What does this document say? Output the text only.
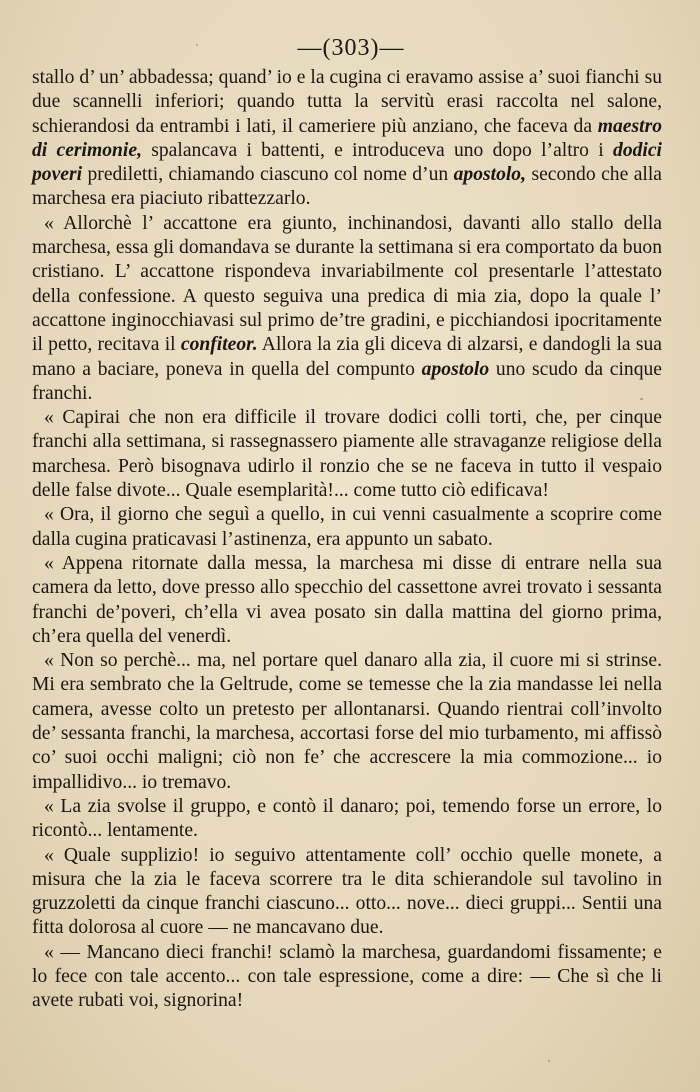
—(303)—

stallo d’ un’ abbadessa; quand’ io e la cugina ci eravamo assise a’ suoi fianchi su due scannelli inferiori; quando tutta la servitù erasi raccolta nel salone, schierandosi da entrambi i lati, il cameriere più anziano, che faceva da maestro di cerimonie, spalancava i battenti, e introduceva uno dopo l’altro i dodici poveri prediletti, chiamando ciascuno col nome d’un apostolo, secondo che alla marchesa era piaciuto ribattezzarlo.

« Allorchè l’ accattone era giunto, inchinandosi, davanti allo stallo della marchesa, essa gli domandava se durante la settimana si era comportato da buon cristiano. L’ accattone rispondeva invariabilmente col presentarle l’attestato della confessione. A questo seguiva una predica di mia zia, dopo la quale l’ accattone inginocchiavasi sul primo de’tre gradini, e picchiandosi ipocritamente il petto, recitava il confiteor. Allora la zia gli diceva di alzarsi, e dandogli la sua mano a baciare, poneva in quella del compunto apostolo uno scudo da cinque franchi.

« Capirai che non era difficile il trovare dodici colli torti, che, per cinque franchi alla settimana, si rassegnassero piamente alle stravaganze religiose della marchesa. Però bisognava udirlo il ronzio che se ne faceva in tutto il vespaio delle false divote... Quale esemplarità!... come tutto ciò edificava!

« Ora, il giorno che seguì a quello, in cui venni casualmente a scoprire come dalla cugina praticavasi l’astinenza, era appunto un sabato.

« Appena ritornate dalla messa, la marchesa mi disse di entrare nella sua camera da letto, dove presso allo specchio del cassettone avrei trovato i sessanta franchi de’poveri, ch’ella vi avea posato sin dalla mattina del giorno prima, ch’era quella del venerdì.

« Non so perchè... ma, nel portare quel danaro alla zia, il cuore mi si strinse. Mi era sembrato che la Geltrude, come se temesse che la zia mandasse lei nella camera, avesse colto un pretesto per allontanarsi. Quando rientrai coll’involto de’ sessanta franchi, la marchesa, accortasi forse del mio turbamento, mi affissò co’ suoi occhi maligni; ciò non fe’ che accrescere la mia commozione... io impallidivo... io tremavo.

« La zia svolse il gruppo, e contò il danaro; poi, temendo forse un errore, lo ricontò... lentamente.

« Quale supplizio! io seguivo attentamente coll’ occhio quelle monete, a misura che la zia le faceva scorrere tra le dita schierandole sul tavolino in gruzzoletti da cinque franchi ciascuno... otto... nove... dieci gruppi... Sentii una fitta dolorosa al cuore — ne mancavano due.

« — Mancano dieci franchi! sclamò la marchesa, guardandomi fissamente; e lo fece con tale accento... con tale espressione, come a dire: — Che sì che li avete rubati voi, signorina!
